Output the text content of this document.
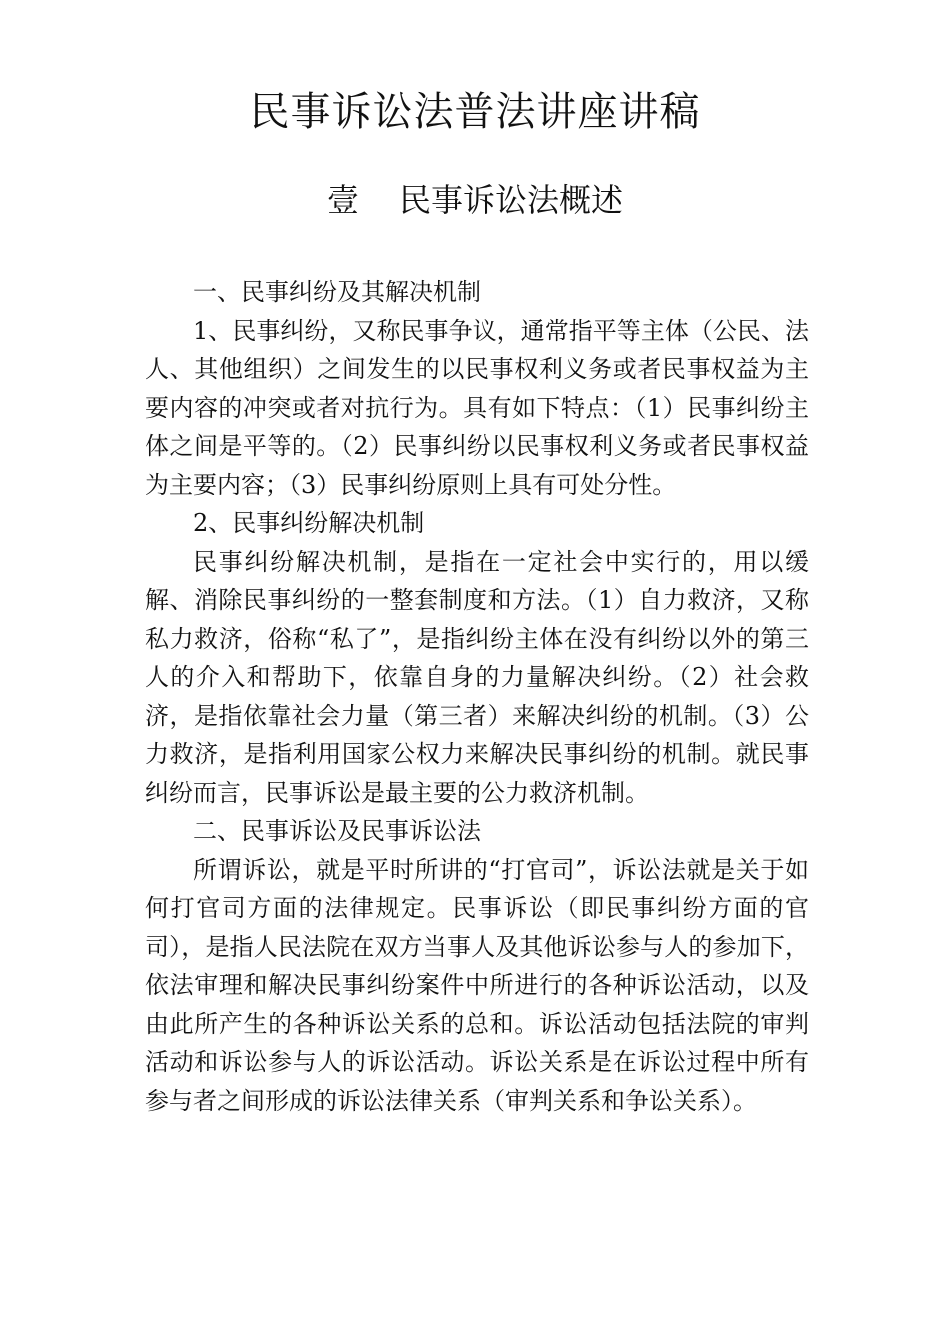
民事诉讼法普法讲座讲稿
壹 民事诉讼法概述

一、民事纠纷及其解决机制

1、民事纠纷，又称民事争议，通常指平等主体（公民、法人、其他组织）之间发生的以民事权利义务或者民事权益为主要内容的冲突或者对抗行为。具有如下特点：（1）民事纠纷主体之间是平等的。（2）民事纠纷以民事权利义务或者民事权益为主要内容；（3）民事纠纷原则上具有可处分性。

2、民事纠纷解决机制

民事纠纷解决机制，是指在一定社会中实行的，用以缓解、消除民事纠纷的一整套制度和方法。（1）自力救济，又称私力救济，俗称“私了”，是指纠纷主体在没有纠纷以外的第三人的介入和帮助下，依靠自身的力量解决纠纷。（2）社会救济，是指依靠社会力量（第三者）来解决纠纷的机制。（3）公力救济，是指利用国家公权力来解决民事纠纷的机制。就民事纠纷而言，民事诉讼是最主要的公力救济机制。

二、民事诉讼及民事诉讼法

所谓诉讼，就是平时所讲的“打官司”，诉讼法就是关于如何打官司方面的法律规定。民事诉讼（即民事纠纷方面的官司），是指人民法院在双方当事人及其他诉讼参与人的参加下，依法审理和解决民事纠纷案件中所进行的各种诉讼活动，以及由此所产生的各种诉讼关系的总和。诉讼活动包括法院的审判活动和诉讼参与人的诉讼活动。诉讼关系是在诉讼过程中所有参与者之间形成的诉讼法律关系（审判关系和争讼关系）。
